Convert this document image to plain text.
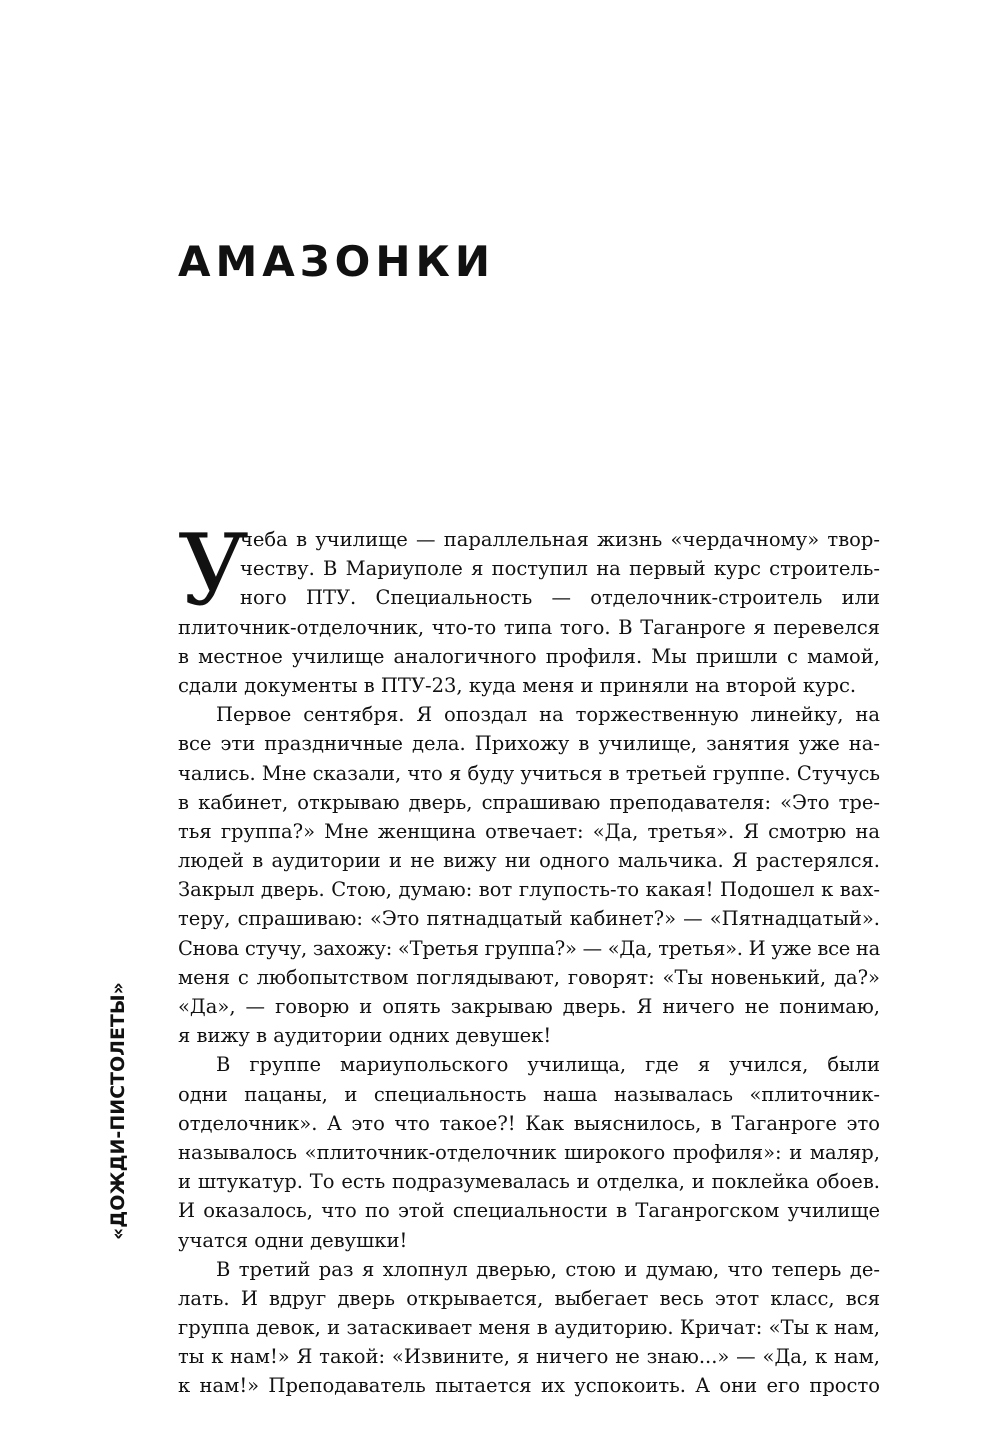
АМАЗОНКИ
«ДОЖДИ-ПИСТОЛЕТЫ»
У
чеба в училище — параллельная жизнь «чердачному» твор-
честву. В Мариуполе я поступил на первый курс строитель-
ного ПТУ. Специальность — отделочник-строитель или
плиточник-отделочник, что-то типа того. В Таганроге я перевелся
в местное училище аналогичного профиля. Мы пришли с мамой,
сдали документы в ПТУ-23, куда меня и приняли на второй курс.
Первое сентября. Я опоздал на торжественную линейку, на
все эти праздничные дела. Прихожу в училище, занятия уже на-
чались. Мне сказали, что я буду учиться в третьей группе. Стучусь
в кабинет, открываю дверь, спрашиваю преподавателя: «Это тре-
тья группа?» Мне женщина отвечает: «Да, третья». Я смотрю на
людей в аудитории и не вижу ни одного мальчика. Я растерялся.
Закрыл дверь. Стою, думаю: вот глупость-то какая! Подошел к вах-
теру, спрашиваю: «Это пятнадцатый кабинет?» — «Пятнадцатый».
Снова стучу, захожу: «Третья группа?» — «Да, третья». И уже все на
меня с любопытством поглядывают, говорят: «Ты новенький, да?»
«Да», — говорю и опять закрываю дверь. Я ничего не понимаю,
я вижу в аудитории одних девушек!
В группе мариупольского училища, где я учился, были
одни пацаны, и специальность наша называлась «плиточник-
отделочник». А это что такое?! Как выяснилось, в Таганроге это
называлось «плиточник-отделочник широкого профиля»: и маляр,
и штукатур. То есть подразумевалась и отделка, и поклейка обоев.
И оказалось, что по этой специальности в Таганрогском училище
учатся одни девушки!
В третий раз я хлопнул дверью, стою и думаю, что теперь де-
лать. И вдруг дверь открывается, выбегает весь этот класс, вся
группа девок, и затаскивает меня в аудиторию. Кричат: «Ты к нам,
ты к нам!» Я такой: «Извините, я ничего не знаю...» — «Да, к нам,
к нам!» Преподаватель пытается их успокоить. А они его просто
